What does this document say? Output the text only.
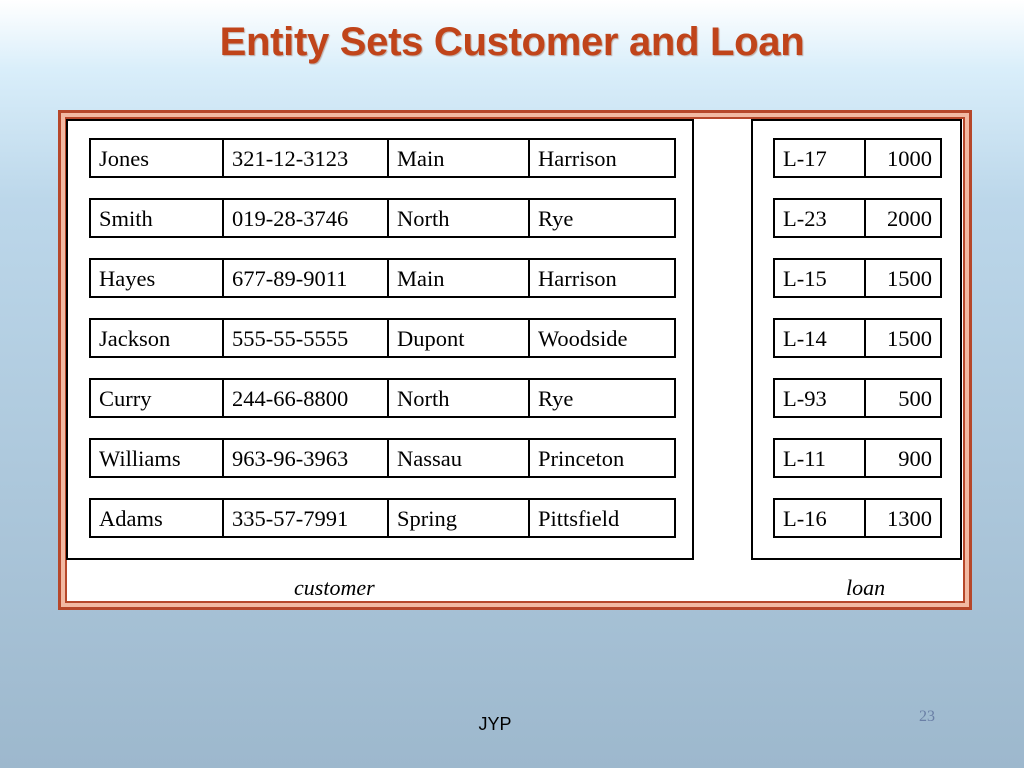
Entity Sets Customer and Loan
Jones	321-12-3123	Main	Harrison
Smith	019-28-3746	North	Rye
Hayes	677-89-9011	Main	Harrison
Jackson	555-55-5555	Dupont	Woodside
Curry	244-66-8800	North	Rye
Williams	963-96-3963	Nassau	Princeton
Adams	335-57-7991	Spring	Pittsfield
L-17	1000
L-23	2000
L-15	1500
L-14	1500
L-93	500
L-11	900
L-16	1300
customer	loan
JYP	23
